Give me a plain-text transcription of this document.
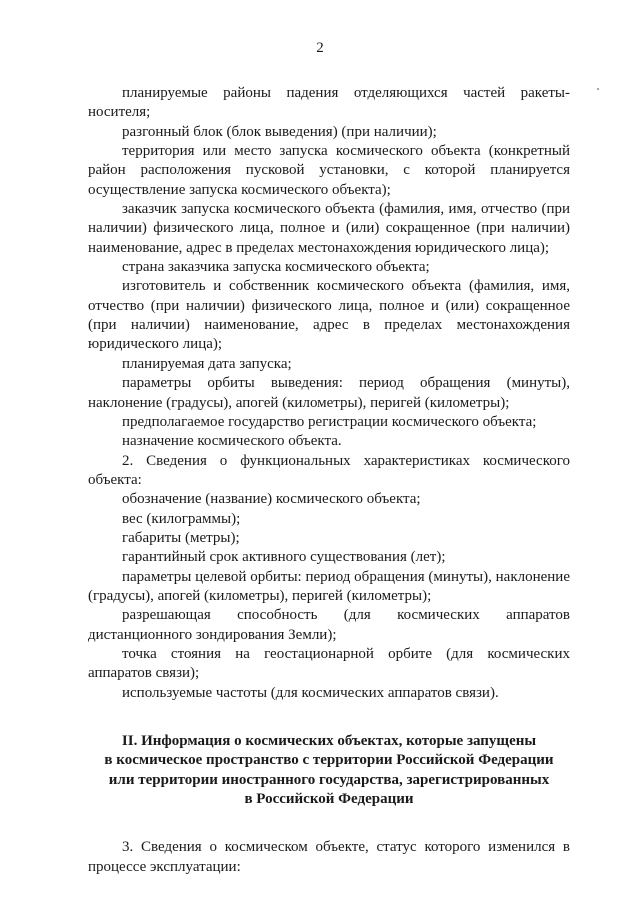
2

планируемые районы падения отделяющихся частей ракеты-носителя;

разгонный блок (блок выведения) (при наличии);

территория или место запуска космического объекта (конкретный район расположения пусковой установки, с которой планируется осуществление запуска космического объекта);

заказчик запуска космического объекта (фамилия, имя, отчество (при наличии) физического лица, полное и (или) сокращенное (при наличии) наименование, адрес в пределах местонахождения юридического лица);

страна заказчика запуска космического объекта;

изготовитель и собственник космического объекта (фамилия, имя, отчество (при наличии) физического лица, полное и (или) сокращенное (при наличии) наименование, адрес в пределах местонахождения юридического лица);

планируемая дата запуска;

параметры орбиты выведения: период обращения (минуты), наклонение (градусы), апогей (километры), перигей (километры);

предполагаемое государство регистрации космического объекта;

назначение космического объекта.

2. Сведения о функциональных характеристиках космического объекта:

обозначение (название) космического объекта;

вес (килограммы);

габариты (метры);

гарантийный срок активного существования (лет);

параметры целевой орбиты: период обращения (минуты), наклонение (градусы), апогей (километры), перигей (километры);

разрешающая способность (для космических аппаратов дистанционного зондирования Земли);

точка стояния на геостационарной орбите (для космических аппаратов связи);

используемые частоты (для космических аппаратов связи).

II. Информация о космических объектах, которые запущены
в космическое пространство с территории Российской Федерации
или территории иностранного государства, зарегистрированных
в Российской Федерации

3. Сведения о космическом объекте, статус которого изменился в процессе эксплуатации:
